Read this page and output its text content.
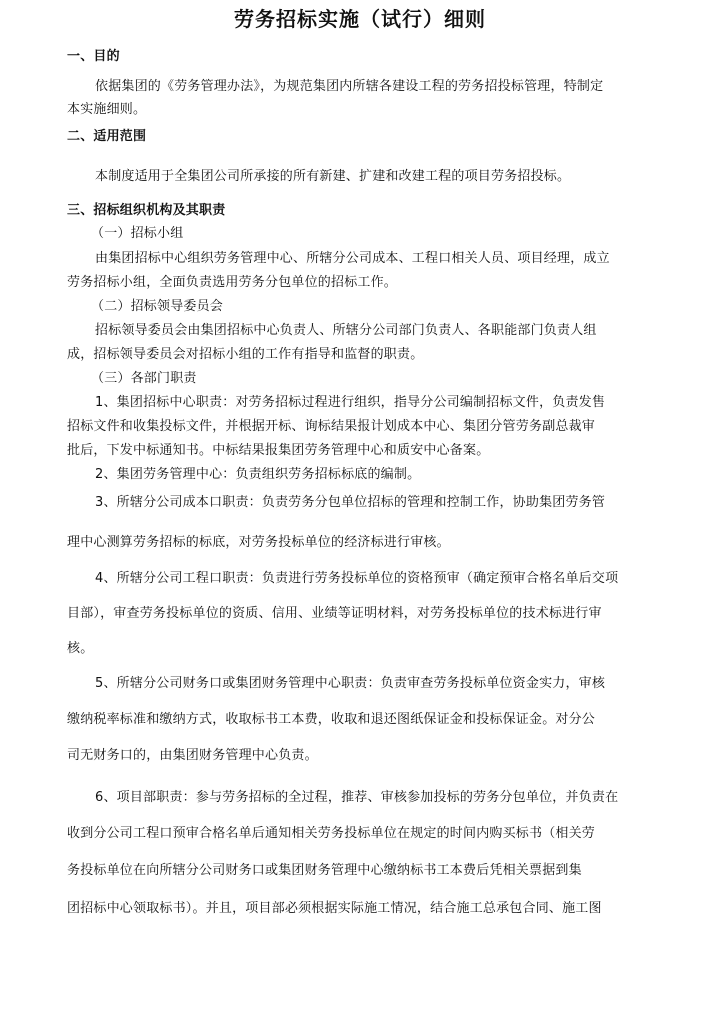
劳务招标实施（试行）细则
一、目的
依据集团的《劳务管理办法》，为规范集团内所辖各建设工程的劳务招投标管理，特制定
本实施细则。
二、适用范围
本制度适用于全集团公司所承接的所有新建、扩建和改建工程的项目劳务招投标。
三、招标组织机构及其职责
（一）招标小组
由集团招标中心组织劳务管理中心、所辖分公司成本、工程口相关人员、项目经理，成立
劳务招标小组，全面负责选用劳务分包单位的招标工作。
（二）招标领导委员会
招标领导委员会由集团招标中心负责人、所辖分公司部门负责人、各职能部门负责人组
成，招标领导委员会对招标小组的工作有指导和监督的职责。
（三）各部门职责
1、集团招标中心职责：对劳务招标过程进行组织，指导分公司编制招标文件，负责发售
招标文件和收集投标文件，并根据开标、询标结果报计划成本中心、集团分管劳务副总裁审
批后，下发中标通知书。中标结果报集团劳务管理中心和质安中心备案。
2、集团劳务管理中心：负责组织劳务招标标底的编制。
3、所辖分公司成本口职责：负责劳务分包单位招标的管理和控制工作，协助集团劳务管
理中心测算劳务招标的标底，对劳务投标单位的经济标进行审核。
4、所辖分公司工程口职责：负责进行劳务投标单位的资格预审（确定预审合格名单后交项
目部），审查劳务投标单位的资质、信用、业绩等证明材料，对劳务投标单位的技术标进行审
核。
5、所辖分公司财务口或集团财务管理中心职责：负责审查劳务投标单位资金实力，审核
缴纳税率标准和缴纳方式，收取标书工本费，收取和退还图纸保证金和投标保证金。对分公
司无财务口的，由集团财务管理中心负责。
6、项目部职责：参与劳务招标的全过程，推荐、审核参加投标的劳务分包单位，并负责在
收到分公司工程口预审合格名单后通知相关劳务投标单位在规定的时间内购买标书（相关劳
务投标单位在向所辖分公司财务口或集团财务管理中心缴纳标书工本费后凭相关票据到集
团招标中心领取标书）。并且，项目部必须根据实际施工情况，结合施工总承包合同、施工图
